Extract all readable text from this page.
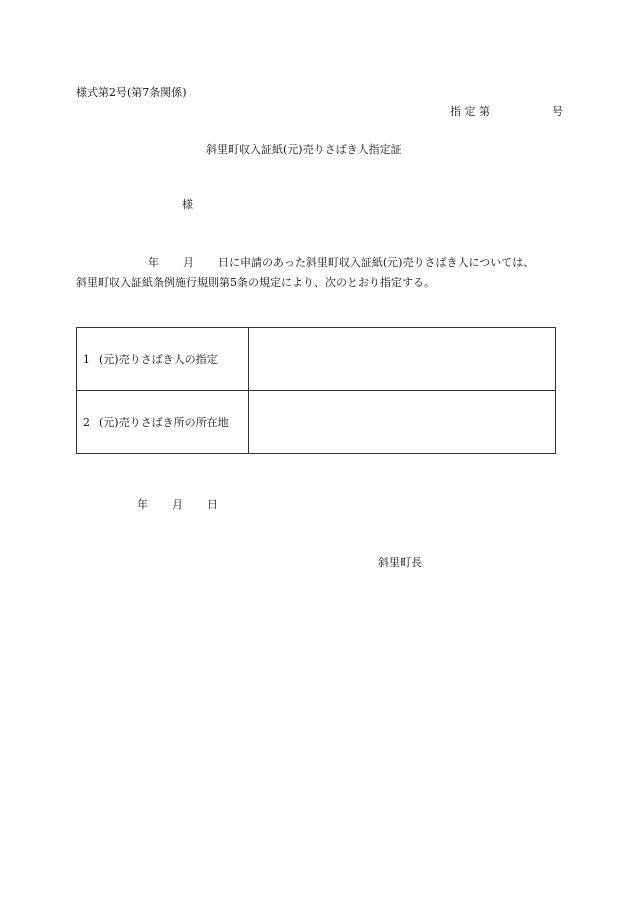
様式第2号(第7条関係)
指 定 第	号
斜里町収入証紙(元)売りさばき人指定証
様
年 月 日に申請のあった斜里町収入証紙(元)売りさばき人については、
斜里町収入証紙条例施行規則第5条の規定により、次のとおり指定する。
1 (元)売りさばき人の指定	
2 (元)売りさばき所の所在地	
年 月 日
斜里町長
